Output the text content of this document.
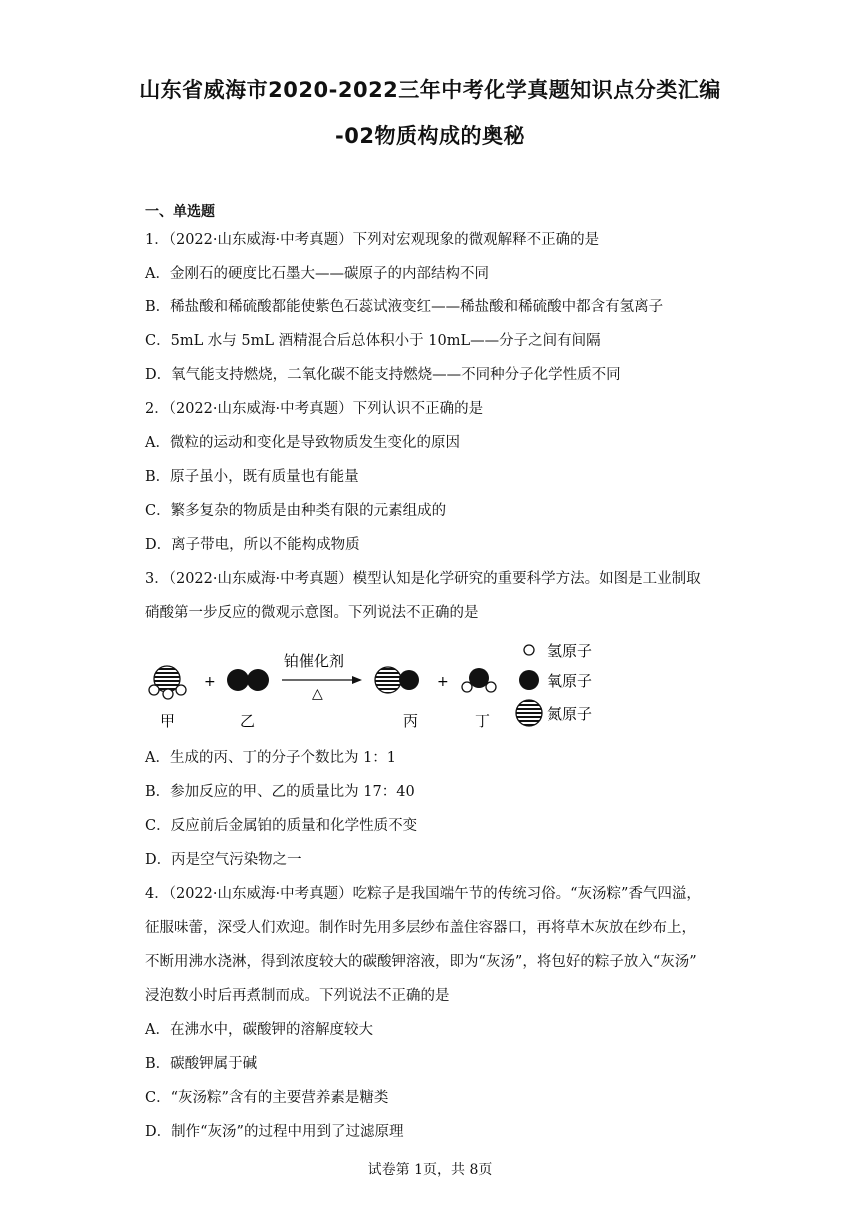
山东省威海市2020-2022三年中考化学真题知识点分类汇编
-02物质构成的奥秘
一、单选题
1．（2022·山东威海·中考真题）下列对宏观现象的微观解释不正确的是
A．金刚石的硬度比石墨大——碳原子的内部结构不同
B．稀盐酸和稀硫酸都能使紫色石蕊试液变红——稀盐酸和稀硫酸中都含有氢离子
C．5mL 水与 5mL 酒精混合后总体积小于 10mL——分子之间有间隔
D．氧气能支持燃烧，二氧化碳不能支持燃烧——不同种分子化学性质不同
2．（2022·山东威海·中考真题）下列认识不正确的是
A．微粒的运动和变化是导致物质发生变化的原因
B．原子虽小，既有质量也有能量
C．繁多复杂的物质是由种类有限的元素组成的
D．离子带电，所以不能构成物质
3．（2022·山东威海·中考真题）模型认知是化学研究的重要科学方法。如图是工业制取
硝酸第一步反应的微观示意图。下列说法不正确的是
甲
+
乙
铂催化剂
△
丙
+
丁
氢原子
氧原子
氮原子
A．生成的丙、丁的分子个数比为 1：1
B．参加反应的甲、乙的质量比为 17：40
C．反应前后金属铂的质量和化学性质不变
D．丙是空气污染物之一
4．（2022·山东威海·中考真题）吃粽子是我国端午节的传统习俗。“灰汤粽”香气四溢，
征服味蕾，深受人们欢迎。制作时先用多层纱布盖住容器口，再将草木灰放在纱布上，
不断用沸水浇淋，得到浓度较大的碳酸钾溶液，即为“灰汤”，将包好的粽子放入“灰汤”
浸泡数小时后再煮制而成。下列说法不正确的是
A．在沸水中，碳酸钾的溶解度较大
B．碳酸钾属于碱
C．“灰汤粽”含有的主要营养素是糖类
D．制作“灰汤”的过程中用到了过滤原理
试卷第 1页，共 8页
